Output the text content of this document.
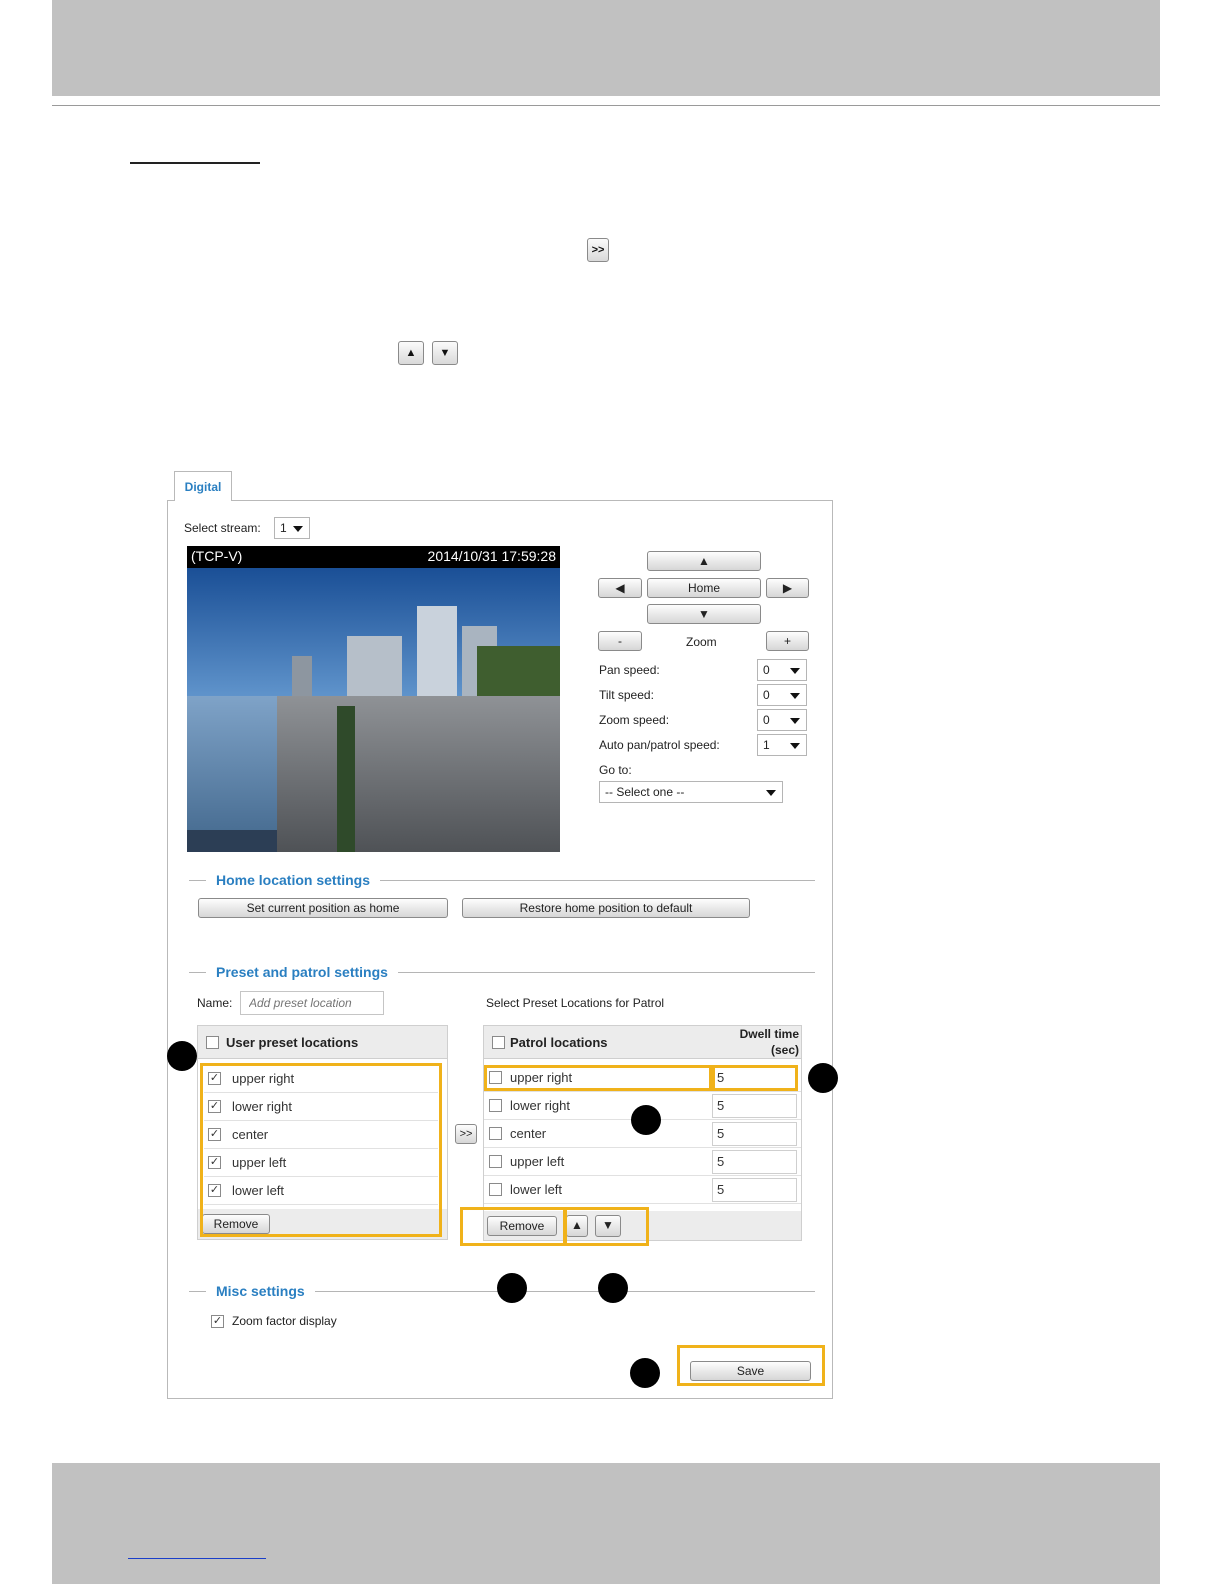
>>
▲	▼
Digital
Select stream:	1
(TCP-V)	2014/10/31 17:59:28	▲
◀	Home	▶
▼
-	Zoom	+
Pan speed:	0
Tilt speed:	0
Zoom speed:	0
Auto pan/patrol speed:	1
Go to:
-- Select one --
Home location settings
Set current position as home	Restore home position to default
Preset and patrol settings
Name:
Add preset location	Select Preset Locations for Patrol
User preset locations
✓ upper right
✓ lower right
✓ center
✓ upper left
✓ lower left
Remove
>>
Patrol locations
Dwell time
(sec)
upper right	5
lower right	5
center	5
upper left	5
lower left	5
Remove	▲	▼
Misc settings
✓ Zoom factor display
Save
